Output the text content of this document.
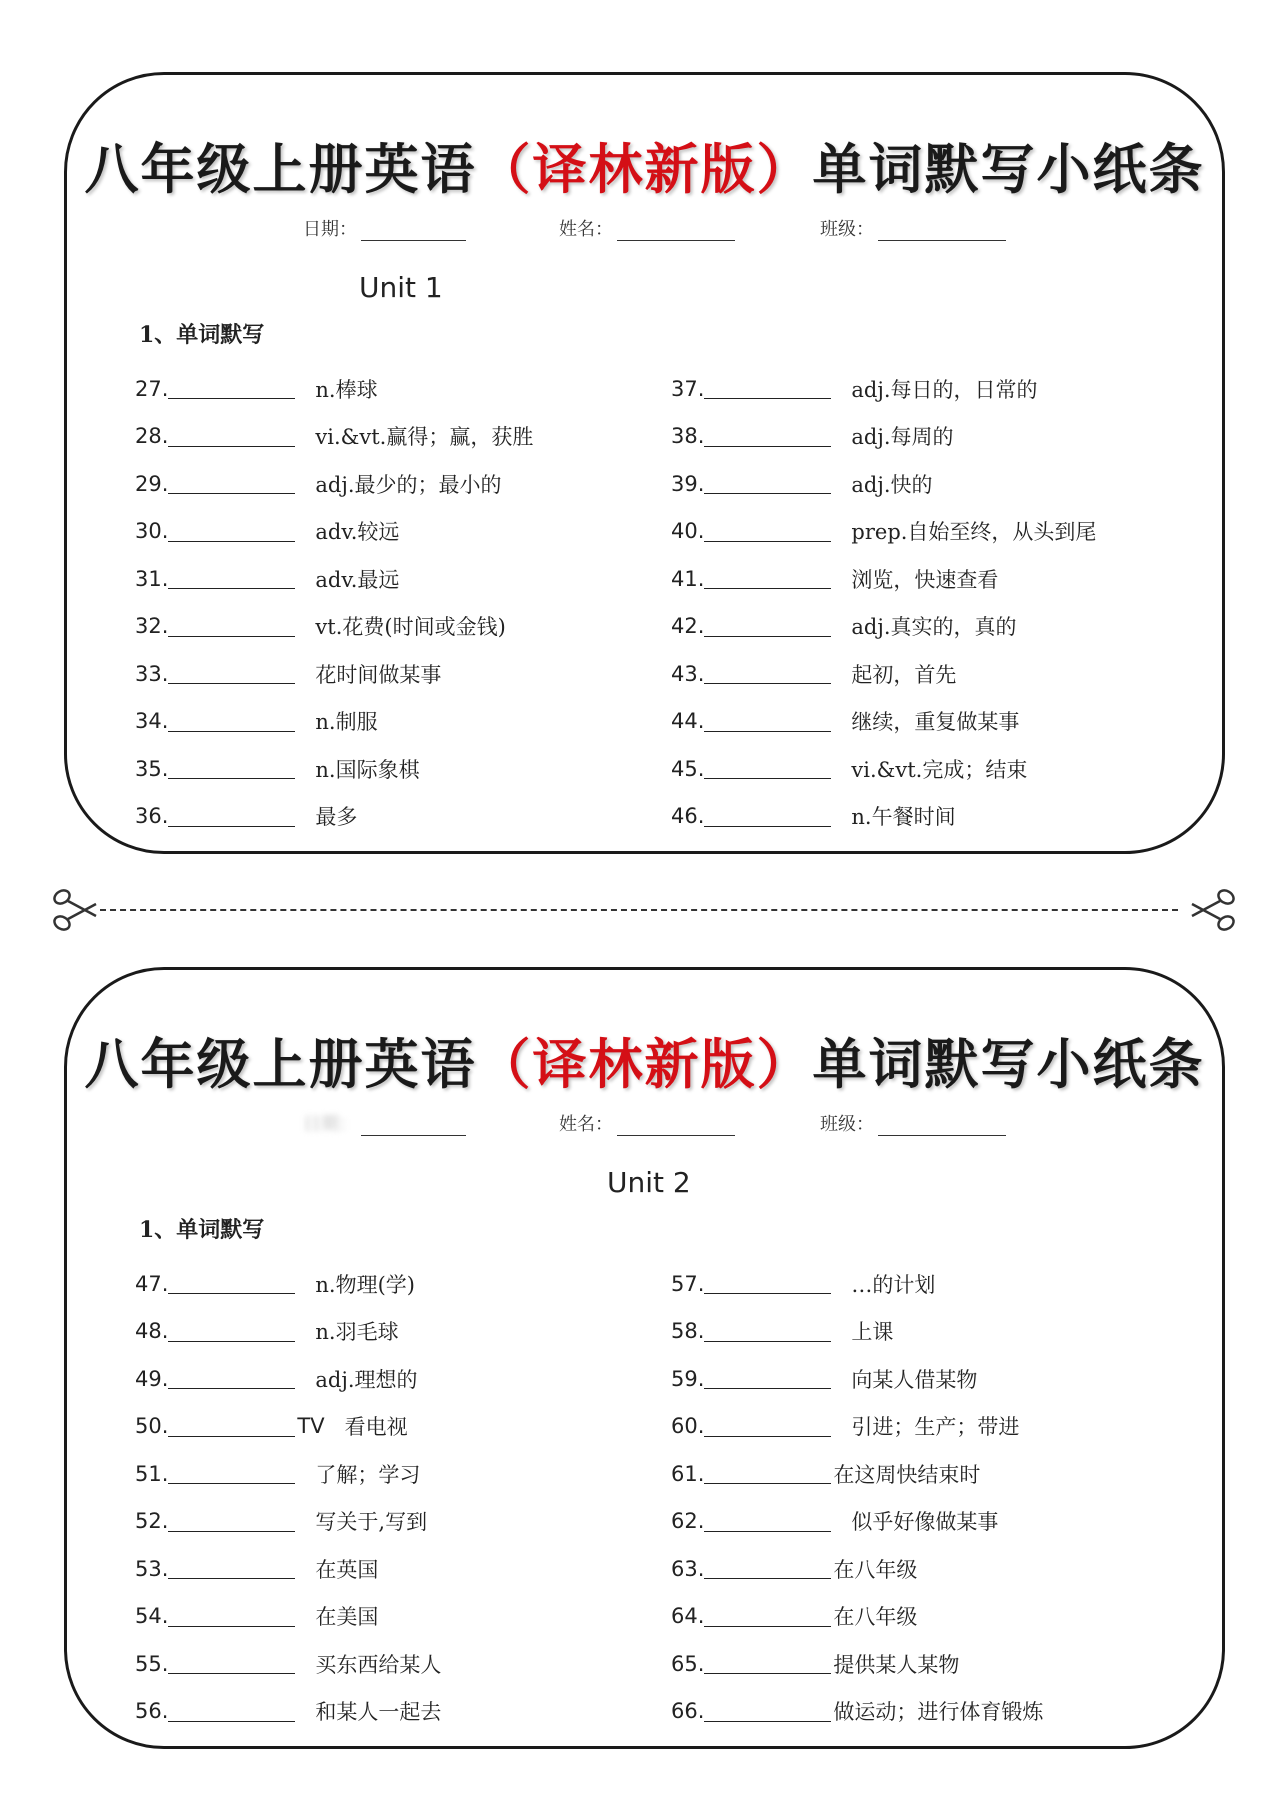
八年级上册英语（译林新版）单词默写小纸条
日期：	姓名：	班级：
Unit 1
1、单词默写
27.	n.棒球
28.	vi.&vt.赢得；赢，获胜
29.	adj.最少的；最小的
30.	adv.较远
31.	adv.最远
32.	vt.花费(时间或金钱)
33.	花时间做某事
34.	n.制服
35.	n.国际象棋
36.	最多
37.	adj.每日的，日常的
38.	adj.每周的
39.	adj.快的
40.	prep.自始至终，从头到尾
41.	浏览，快速查看
42.	adj.真实的，真的
43.	起初，首先
44.	继续，重复做某事
45.	vi.&vt.完成；结束
46.	n.午餐时间
八年级上册英语（译林新版）单词默写小纸条
日期：	姓名：	班级：
Unit 2
1、单词默写
47.	n.物理(学)
48.	n.羽毛球
49.	adj.理想的
50.	TV 看电视
51.	了解；学习
52.	写关于,写到
53.	在英国
54.	在美国
55.	买东西给某人
56.	和某人一起去
57.	…的计划
58.	上课
59.	向某人借某物
60.	引进；生产；带进
61.	在这周快结束时
62.	似乎好像做某事
63.	在八年级
64.	在八年级
65.	提供某人某物
66.	做运动；进行体育锻炼
